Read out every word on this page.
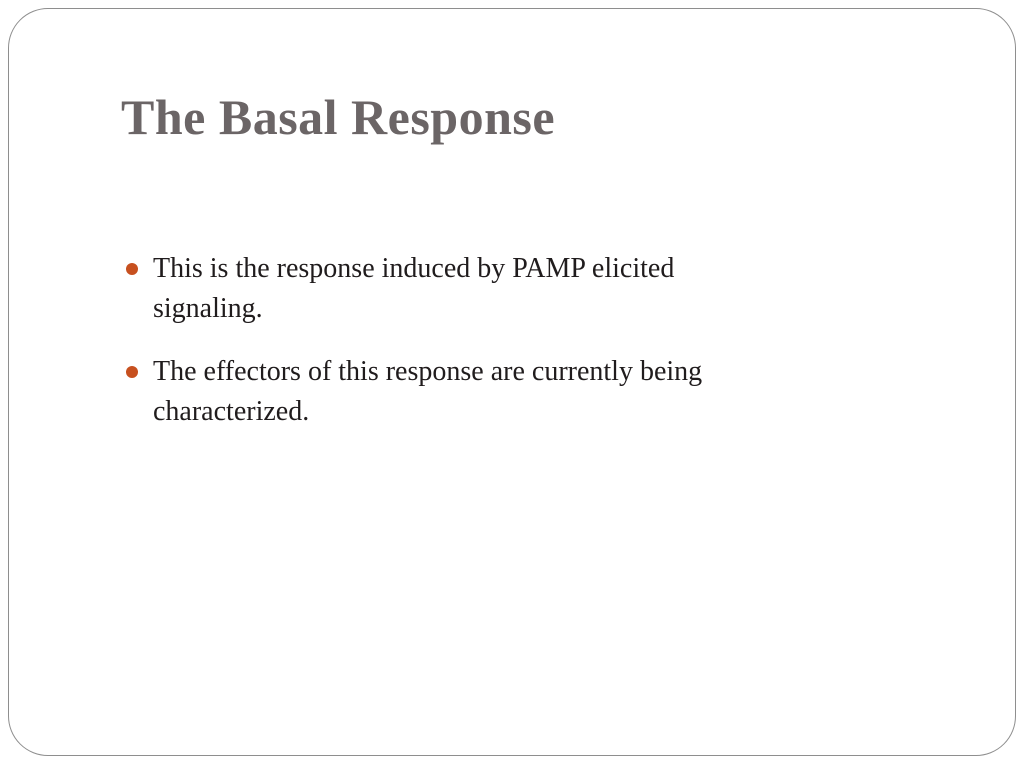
The Basal Response
This is the response induced by PAMP elicited
signaling.
The effectors of this response are currently being
characterized.
